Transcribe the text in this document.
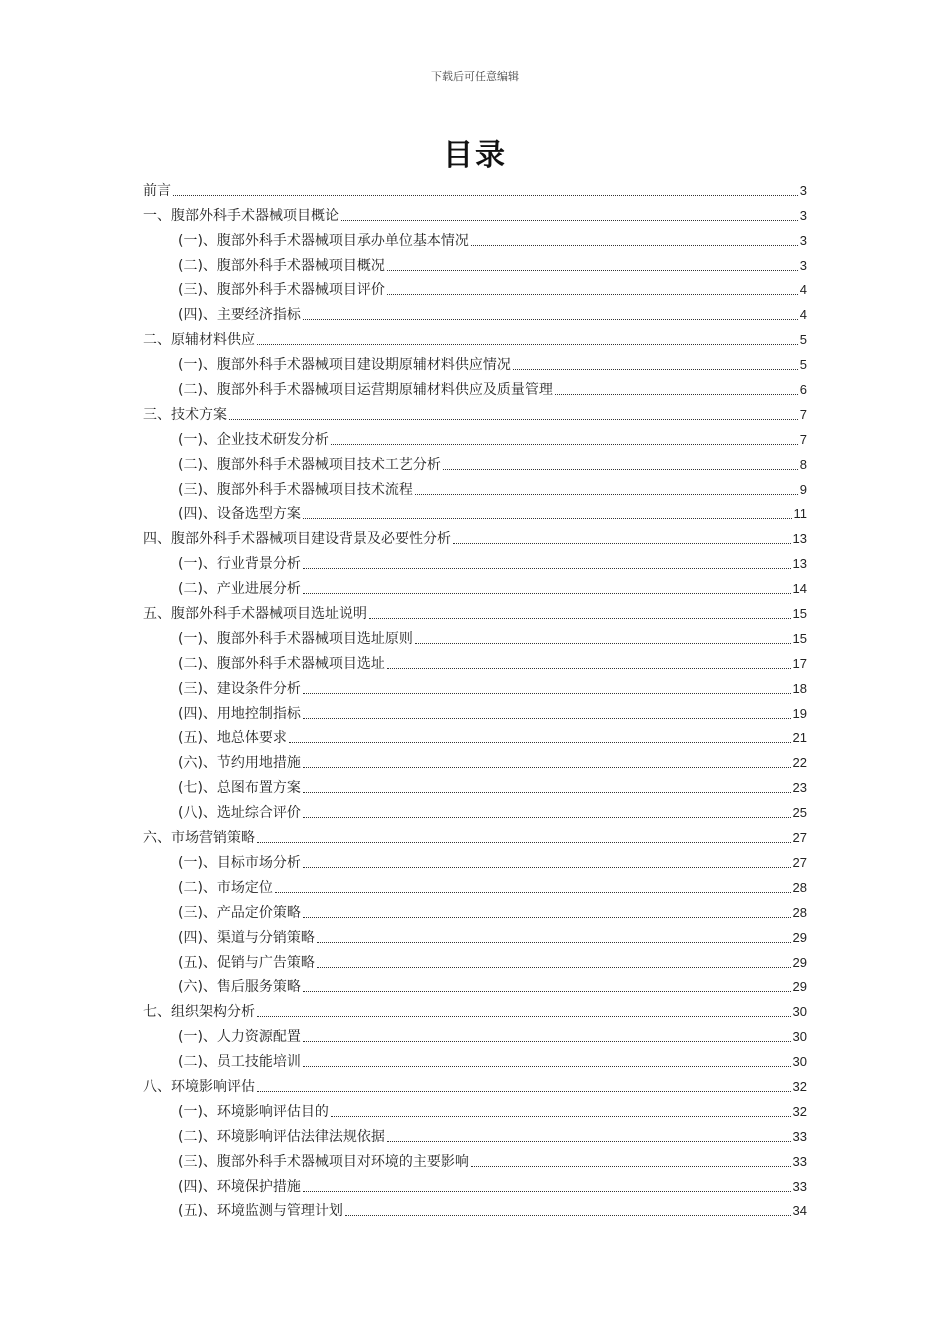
下载后可任意编辑
目录
前言	3
一、腹部外科手术器械项目概论	3
(一)、腹部外科手术器械项目承办单位基本情况	3
(二)、腹部外科手术器械项目概况	3
(三)、腹部外科手术器械项目评价	4
(四)、主要经济指标	4
二、原辅材料供应	5
(一)、腹部外科手术器械项目建设期原辅材料供应情况	5
(二)、腹部外科手术器械项目运营期原辅材料供应及质量管理	6
三、技术方案	7
(一)、企业技术研发分析	7
(二)、腹部外科手术器械项目技术工艺分析	8
(三)、腹部外科手术器械项目技术流程	9
(四)、设备选型方案	11
四、腹部外科手术器械项目建设背景及必要性分析	13
(一)、行业背景分析	13
(二)、产业进展分析	14
五、腹部外科手术器械项目选址说明	15
(一)、腹部外科手术器械项目选址原则	15
(二)、腹部外科手术器械项目选址	17
(三)、建设条件分析	18
(四)、用地控制指标	19
(五)、地总体要求	21
(六)、节约用地措施	22
(七)、总图布置方案	23
(八)、选址综合评价	25
六、市场营销策略	27
(一)、目标市场分析	27
(二)、市场定位	28
(三)、产品定价策略	28
(四)、渠道与分销策略	29
(五)、促销与广告策略	29
(六)、售后服务策略	29
七、组织架构分析	30
(一)、人力资源配置	30
(二)、员工技能培训	30
八、环境影响评估	32
(一)、环境影响评估目的	32
(二)、环境影响评估法律法规依据	33
(三)、腹部外科手术器械项目对环境的主要影响	33
(四)、环境保护措施	33
(五)、环境监测与管理计划	34
